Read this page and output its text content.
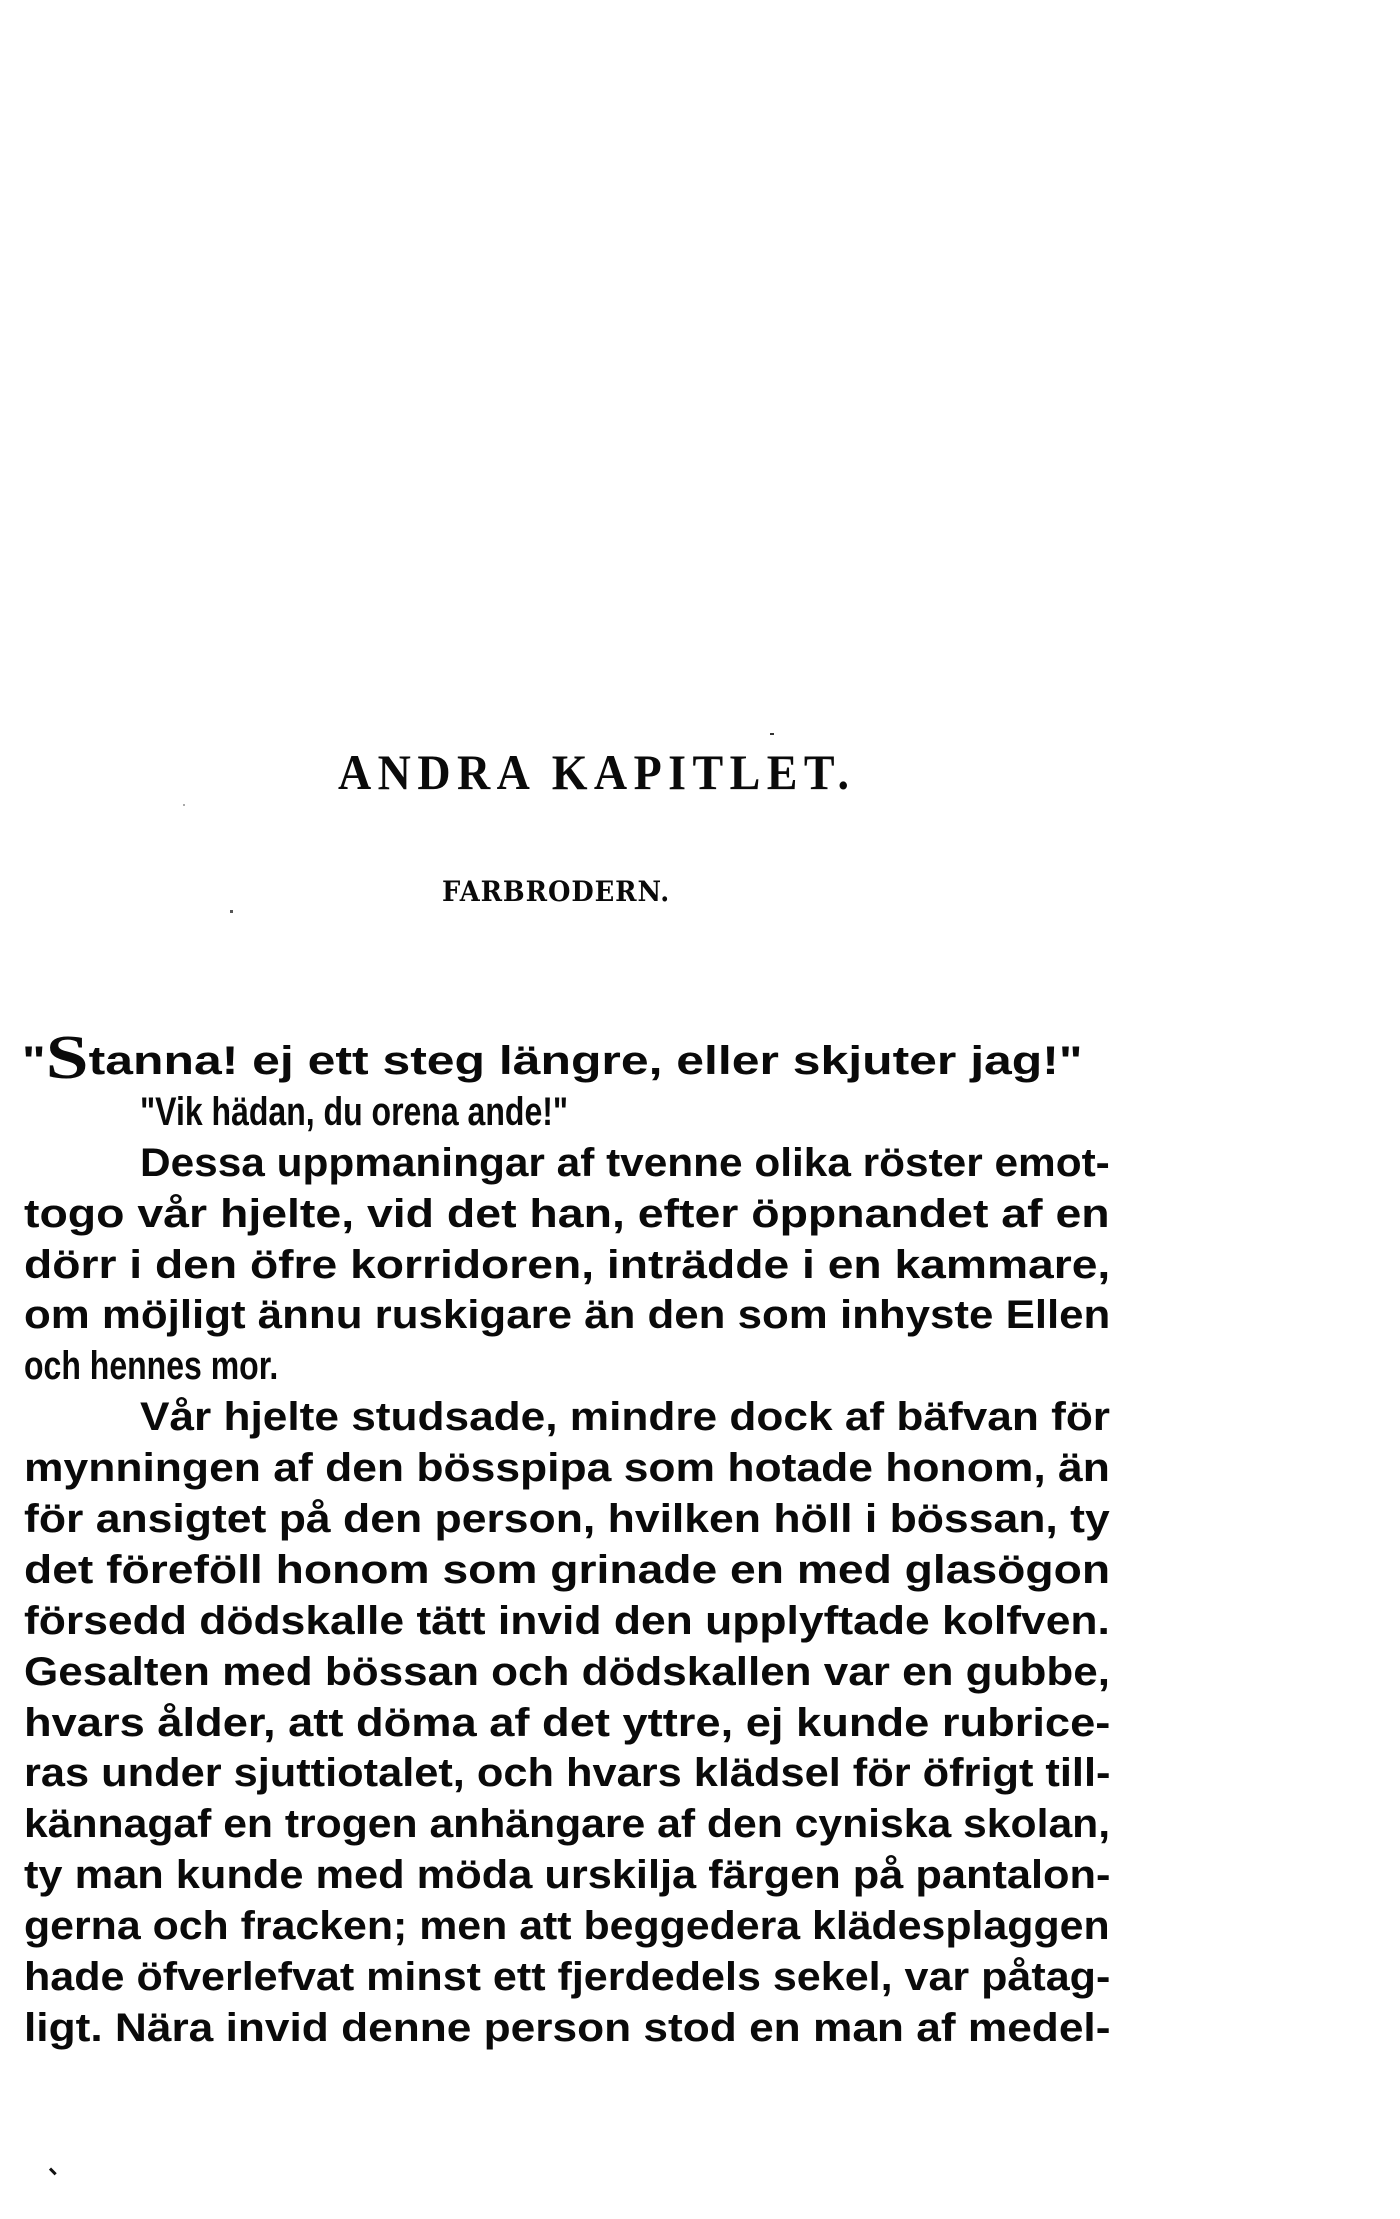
ANDRA KAPITLET.
FARBRODERN.
"Stanna! ej ett steg längre, eller skjuter jag!"
"Vik hädan, du orena ande!"
Dessa uppmaningar af tvenne olika röster emot-
togo vår hjelte, vid det han, efter öppnandet af en
dörr i den öfre korridoren, inträdde i en kammare,
om möjligt ännu ruskigare än den som inhyste Ellen
och hennes mor.
Vår hjelte studsade, mindre dock af bäfvan för
mynningen af den bösspipa som hotade honom, än
för ansigtet på den person, hvilken höll i bössan, ty
det föreföll honom som grinade en med glasögon
försedd dödskalle tätt invid den upplyftade kolfven.
Gesalten med bössan och dödskallen var en gubbe,
hvars ålder, att döma af det yttre, ej kunde rubrice-
ras under sjuttiotalet, och hvars klädsel för öfrigt till-
kännagaf en trogen anhängare af den cyniska skolan,
ty man kunde med möda urskilja färgen på pantalon-
gerna och fracken; men att beggedera klädesplaggen
hade öfverlefvat minst ett fjerdedels sekel, var påtag-
ligt. Nära invid denne person stod en man af medel-
